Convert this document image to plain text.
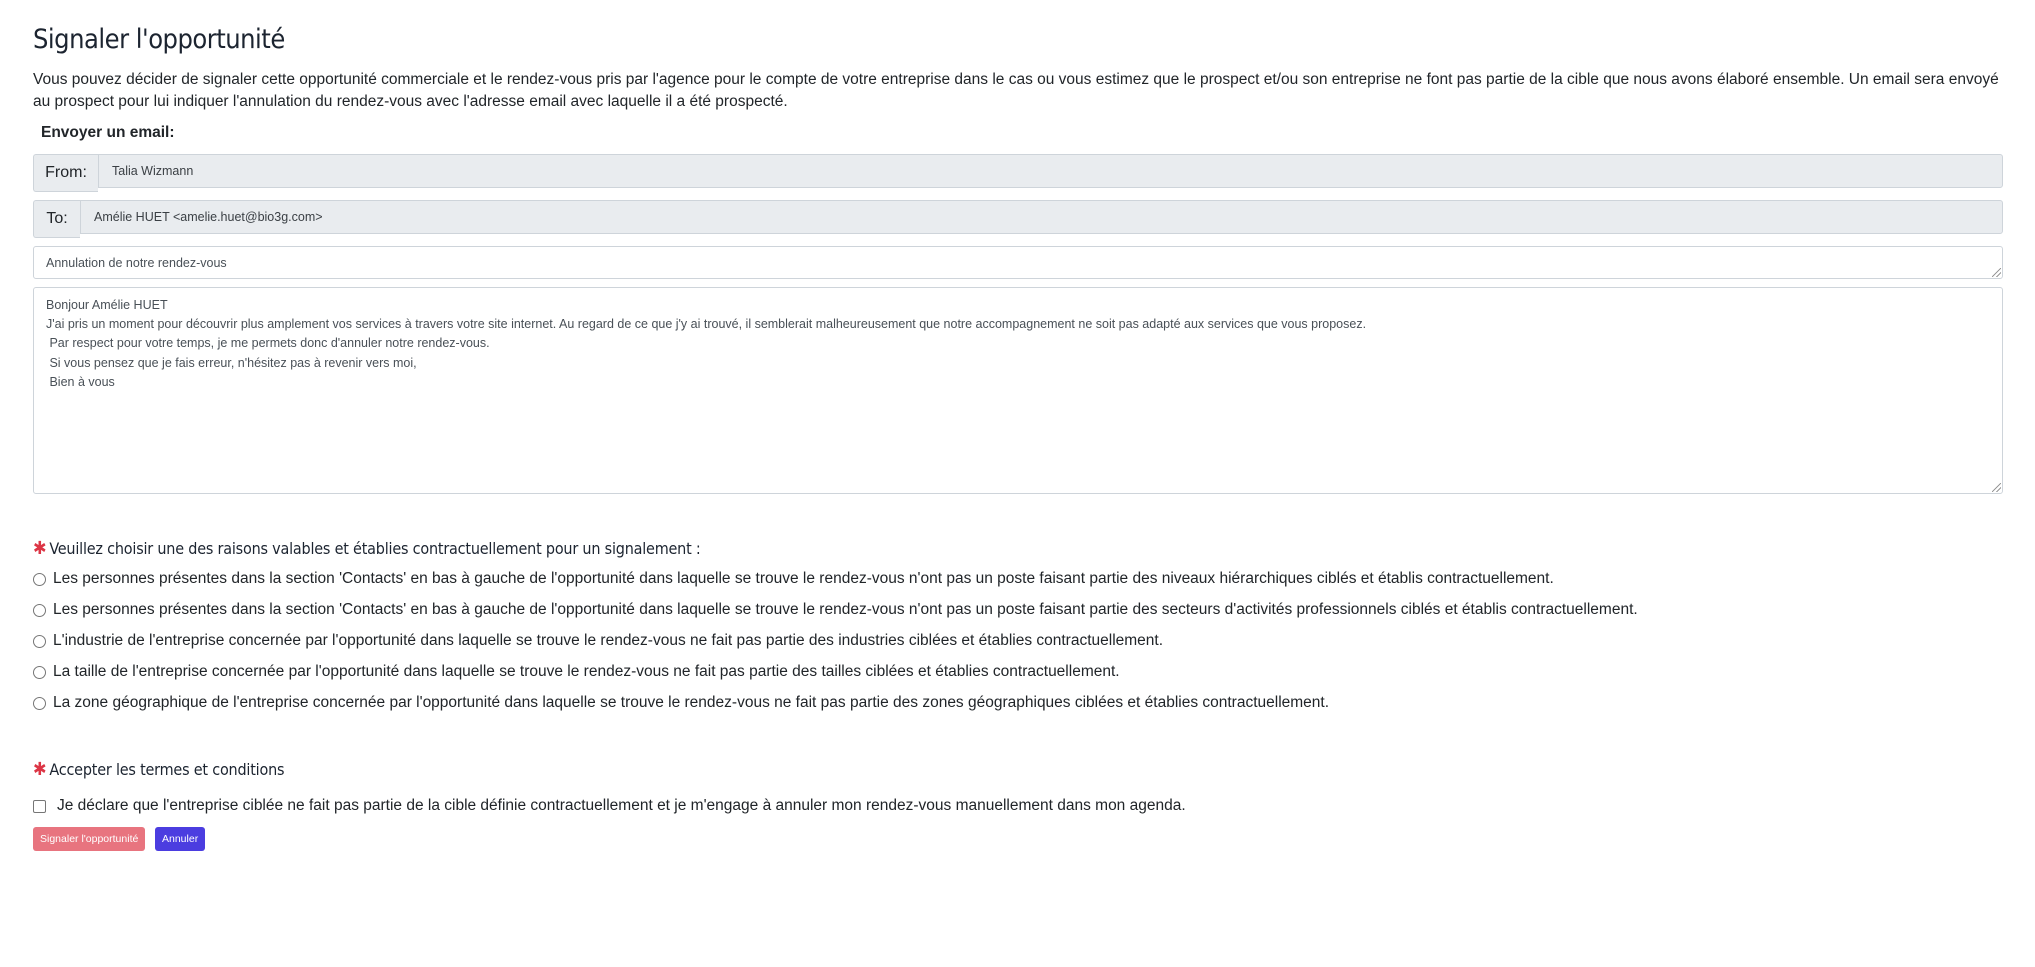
Signaler l'opportunité

Vous pouvez décider de signaler cette opportunité commerciale et le rendez-vous pris par l'agence pour le compte de votre entreprise dans le cas ou vous estimez que le prospect et/ou son entreprise ne font pas partie de la cible que nous avons élaboré ensemble. Un email sera envoyé au prospect pour lui indiquer l'annulation du rendez-vous avec l'adresse email avec laquelle il a été prospecté.

Envoyer un email:
From:	Talia Wizmann
To:	Amélie HUET <amelie.huet@bio3g.com>
Annulation de notre rendez-vous
Bonjour Amélie HUET
J'ai pris un moment pour découvrir plus amplement vos services à travers votre site internet. Au regard de ce que j'y ai trouvé, il semblerait malheureusement que notre accompagnement ne soit pas adapté aux services que vous proposez.
Par respect pour votre temps, je me permets donc d'annuler notre rendez-vous.
Si vous pensez que je fais erreur, n'hésitez pas à revenir vers moi,
Bien à vous
✱ Veuillez choisir une des raisons valables et établies contractuellement pour un signalement :
Les personnes présentes dans la section 'Contacts' en bas à gauche de l'opportunité dans laquelle se trouve le rendez-vous n'ont pas un poste faisant partie des niveaux hiérarchiques ciblés et établis contractuellement.
Les personnes présentes dans la section 'Contacts' en bas à gauche de l'opportunité dans laquelle se trouve le rendez-vous n'ont pas un poste faisant partie des secteurs d'activités professionnels ciblés et établis contractuellement.
L'industrie de l'entreprise concernée par l'opportunité dans laquelle se trouve le rendez-vous ne fait pas partie des industries ciblées et établies contractuellement.
La taille de l'entreprise concernée par l'opportunité dans laquelle se trouve le rendez-vous ne fait pas partie des tailles ciblées et établies contractuellement.
La zone géographique de l'entreprise concernée par l'opportunité dans laquelle se trouve le rendez-vous ne fait pas partie des zones géographiques ciblées et établies contractuellement.
✱ Accepter les termes et conditions
Je déclare que l'entreprise ciblée ne fait pas partie de la cible définie contractuellement et je m'engage à annuler mon rendez-vous manuellement dans mon agenda.
Signaler l'opportunité	Annuler
